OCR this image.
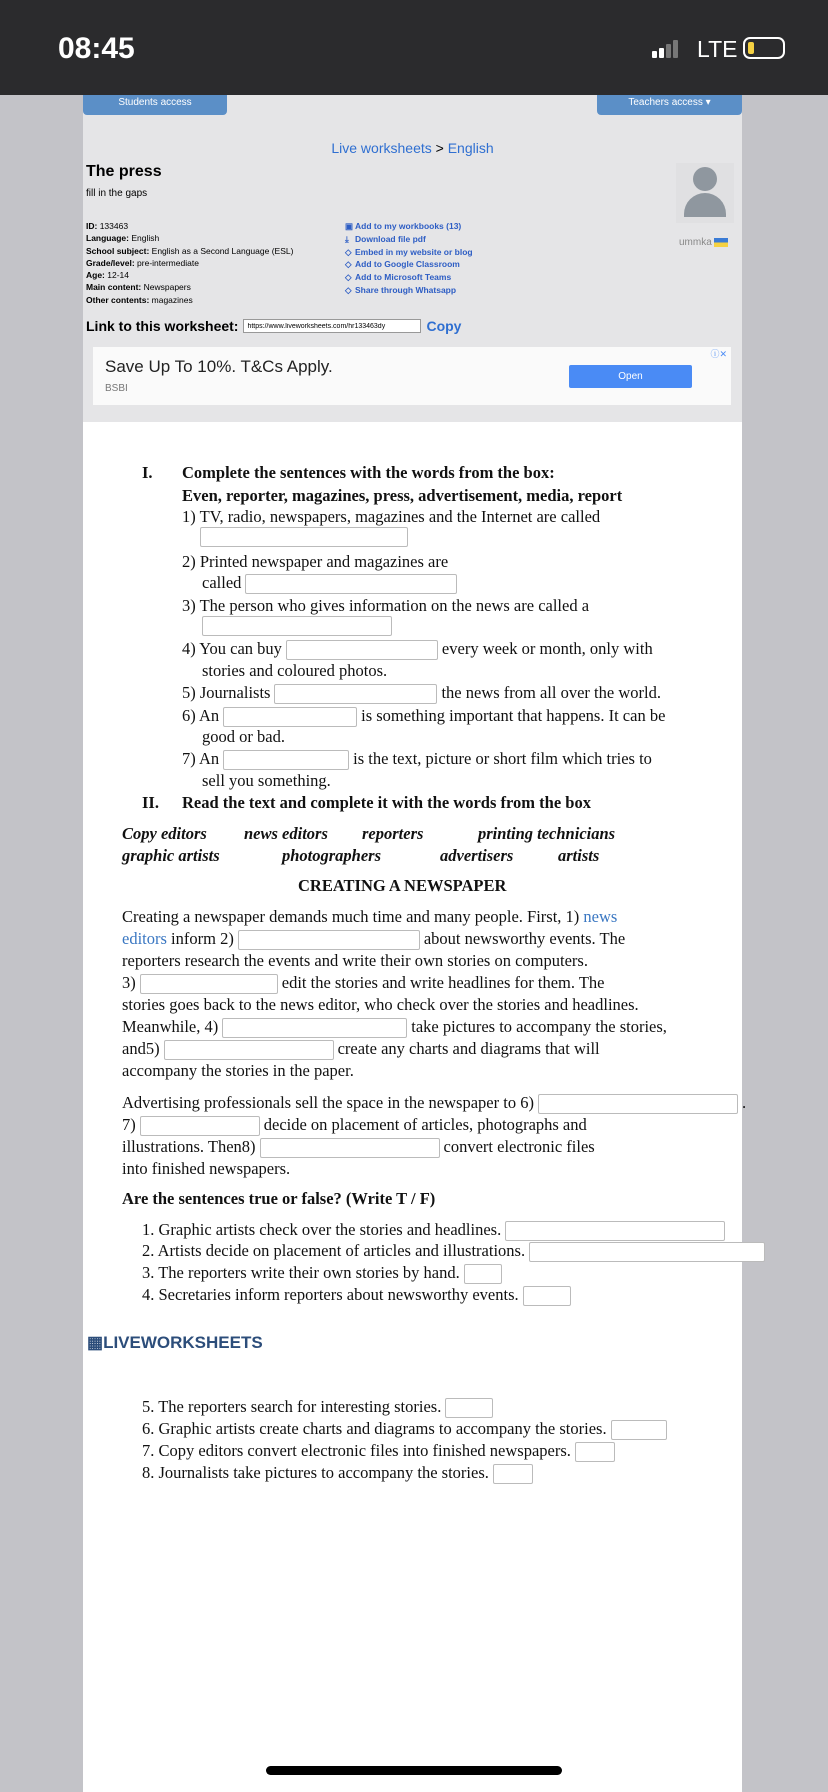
08:45	LTE
Students access	Teachers access ▾
Live worksheets > English
The press
fill in the gaps
ID: 133463
Language: English
School subject: English as a Second Language (ESL)
Grade/level: pre-intermediate
Age: 12-14
Main content: Newspapers
Other contents: magazines
▣ Add to my workbooks (13)
⤓ Download file pdf
◇ Embed in my website or blog
◇ Add to Google Classroom
◇ Add to Microsoft Teams
◇ Share through Whatsapp
ummka
Link to this worksheet:
https://www.liveworksheets.com/hr133463dy	Copy
ⓘ✕
Save Up To 10%. T&Cs Apply.
BSBI
Open
I. Complete the sentences with the words from the box:
Even, reporter, magazines, press, advertisement, media, report
1) TV, radio, newspapers, magazines and the Internet are called
2) Printed newspaper and magazines are
called
3) The person who gives information on the news are called a
4) You can buy	every week or month, only with
stories and coloured photos.
5) Journalists	the news from all over the world.
6) An	is something important that happens. It can be
good or bad.
7) An	is the text, picture or short film which tries to
sell you something.
II. Read the text and complete it with the words from the box
Copy editors news editors reporters	printing technicians
graphic artists	photographers	advertisers	artists
CREATING A NEWSPAPER
Creating a newspaper demands much time and many people. First, 1) news
editors inform 2)	about newsworthy events. The
reporters research the events and write their own stories on computers.
3)	edit the stories and write headlines for them. The
stories goes back to the news editor, who check over the stories and headlines.
Meanwhile, 4)	take pictures to accompany the stories,
and5)	create any charts and diagrams that will
accompany the stories in the paper.
Advertising professionals sell the space in the newspaper to 6)	.
7)	decide on placement of articles, photographs and
illustrations. Then8)	convert electronic files
into finished newspapers.
Are the sentences true or false? (Write T / F)
1. Graphic artists check over the stories and headlines.
2. Artists decide on placement of articles and illustrations.
3. The reporters write their own stories by hand.
4. Secretaries inform reporters about newsworthy events.
5. The reporters search for interesting stories.
6. Graphic artists create charts and diagrams to accompany the stories.
7. Copy editors convert electronic files into finished newspapers.
8. Journalists take pictures to accompany the stories.
▦LIVEWORKSHEETS
